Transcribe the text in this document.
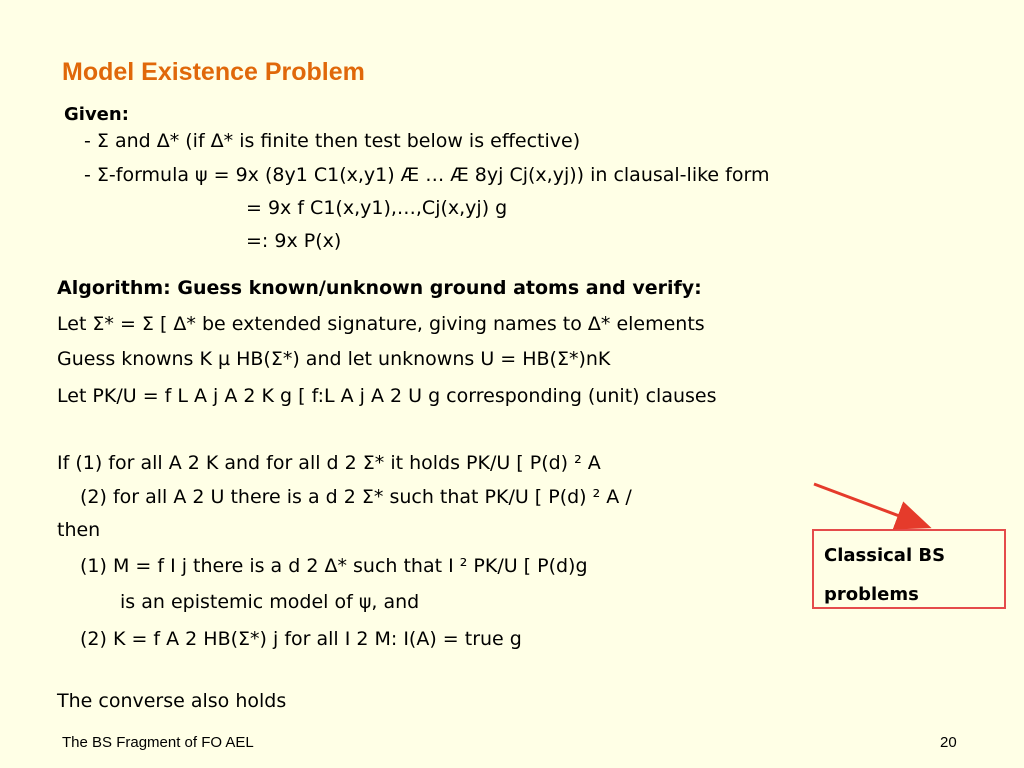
Model Existence Problem
Given:
- Σ and Δ* (if Δ* is finite then test below is effective)
- Σ-formula ψ = 9x (8y1 C1(x,y1) Æ … Æ 8yj Cj(x,yj)) in clausal-like form
= 9x f C1(x,y1),…,Cj(x,yj) g
=: 9x P(x)
Algorithm: Guess known/unknown ground atoms and verify:
Let Σ* = Σ [ Δ* be extended signature, giving names to Δ* elements
Guess knowns K µ HB(Σ*) and let unknowns U = HB(Σ*)nK
Let PK/U = f L A j A 2 K g [ f:L A j A 2 U g corresponding (unit) clauses
If (1) for all A 2 K and for all d 2 Σ* it holds PK/U [ P(d) ² A
(2) for all A 2 U there is a d 2 Σ* such that PK/U [ P(d) ² A /
then
(1) M = f I j there is a d 2 Δ* such that I ² PK/U [ P(d)g
is an epistemic model of ψ, and
(2) K = f A 2 HB(Σ*) j for all I 2 M: I(A) = true g
The converse also holds
Classical BS problems
The BS Fragment of FO AEL	20
